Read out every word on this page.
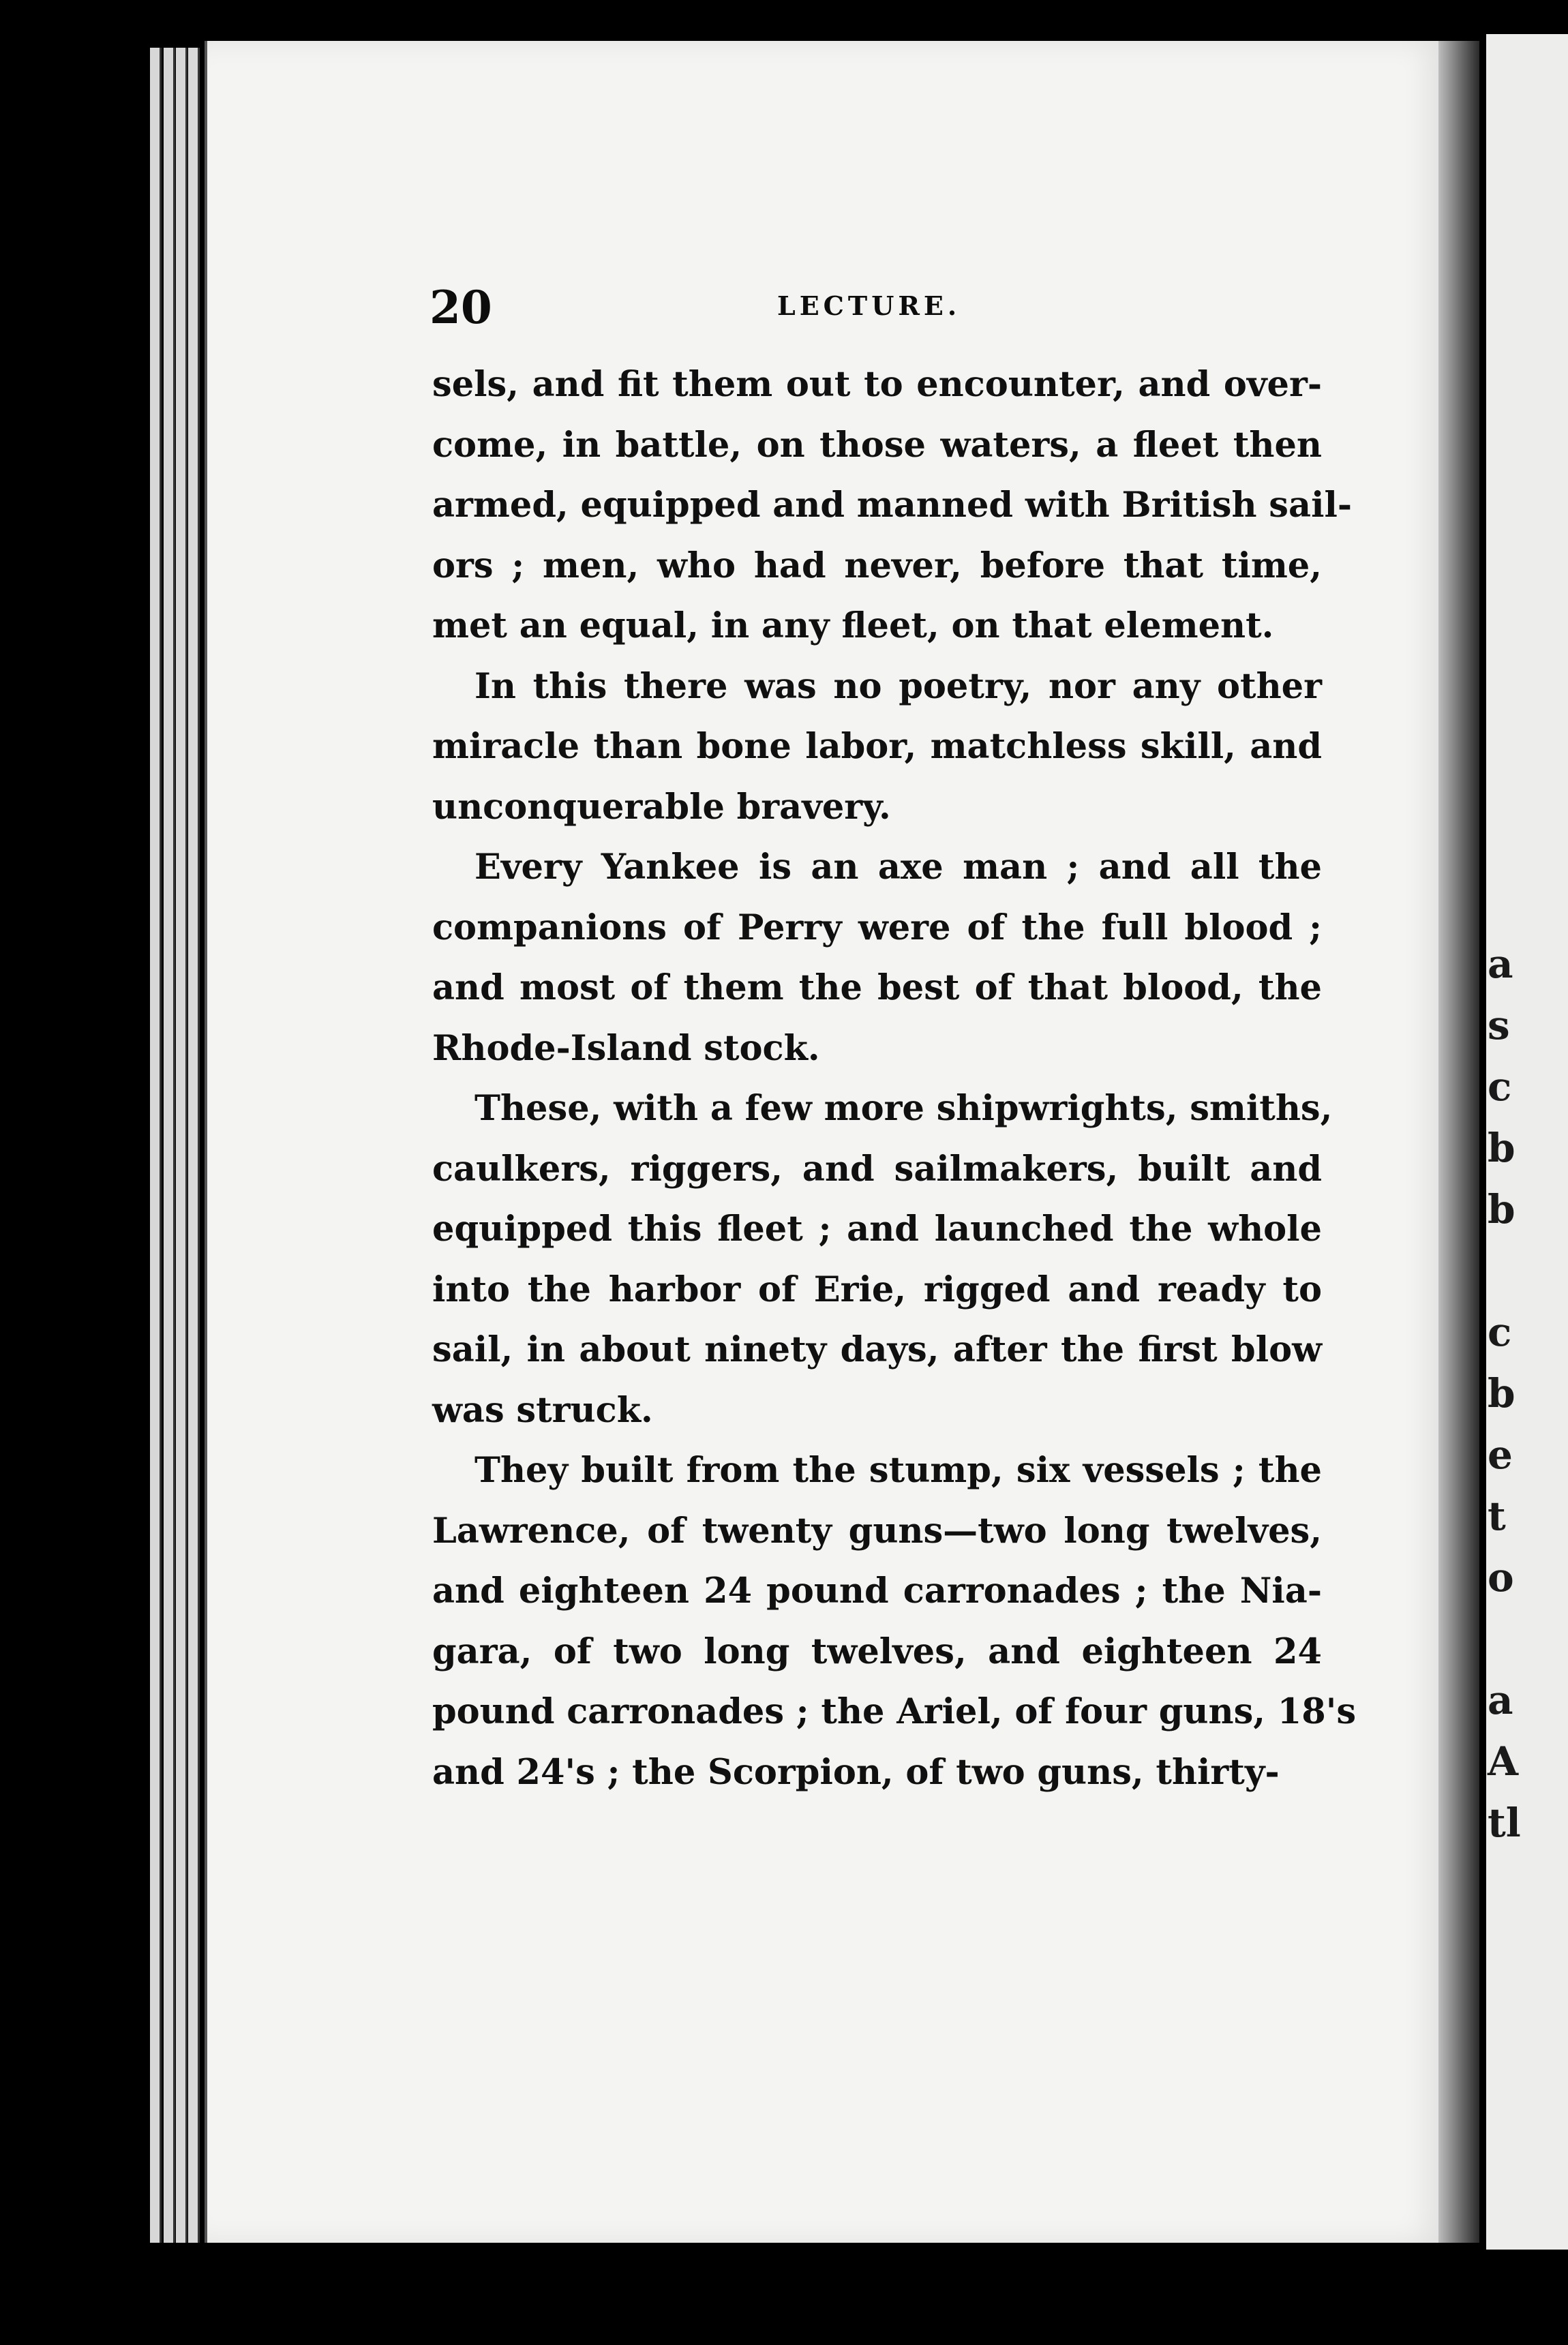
a
s
c
b
b
c
b
e
t
o
a
A
tl
20	LECTURE.

sels, and fit them out to encounter, and over-
come, in battle, on those waters, a fleet then
armed, equipped and manned with British sail-
ors ; men, who had never, before that time,
met an equal, in any fleet, on that element.

In this there was no poetry, nor any other
miracle than bone labor, matchless skill, and
unconquerable bravery.

Every Yankee is an axe man ; and all the
companions of Perry were of the full blood ;
and most of them the best of that blood, the
Rhode-Island stock.

These, with a few more shipwrights, smiths,
caulkers, riggers, and sailmakers, built and
equipped this fleet ; and launched the whole
into the harbor of Erie, rigged and ready to
sail, in about ninety days, after the first blow
was struck.

They built from the stump, six vessels ; the
Lawrence, of twenty guns—two long twelves,
and eighteen 24 pound carronades ; the Nia-
gara, of two long twelves, and eighteen 24
pound carronades ; the Ariel, of four guns, 18's
and 24's ; the Scorpion, of two guns, thirty-
